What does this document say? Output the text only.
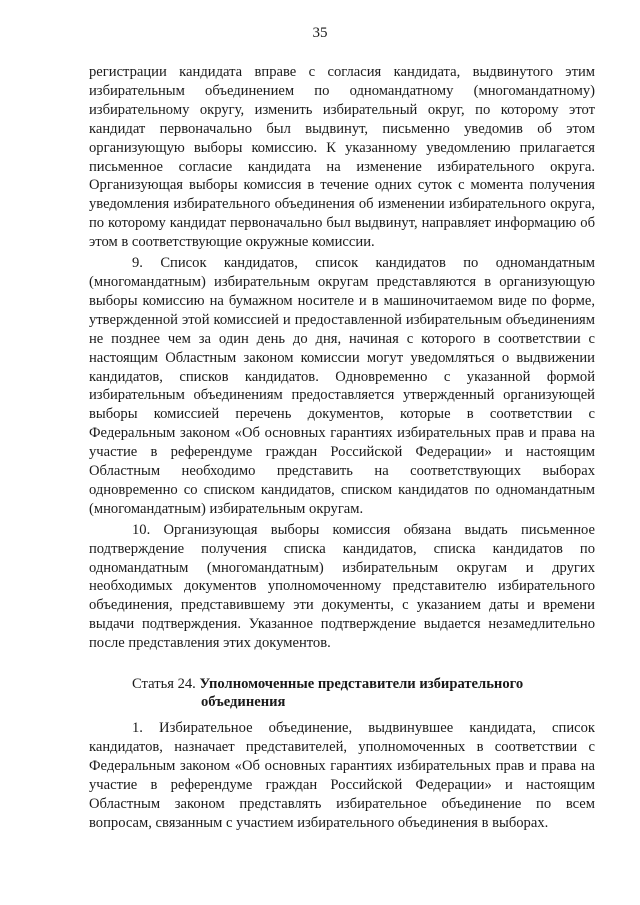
35

регистрации кандидата вправе с согласия кандидата, выдвинутого этим избирательным объединением по одномандатному (многомандатному) избирательному округу, изменить избирательный округ, по которому этот кандидат первоначально был выдвинут, письменно уведомив об этом организующую выборы комиссию. К указанному уведомлению прилагается письменное согласие кандидата на изменение избирательного округа. Организующая выборы комиссия в течение одних суток с момента получения уведомления избирательного объединения об изменении избирательного округа, по которому кандидат первоначально был выдвинут, направляет информацию об этом в соответствующие окружные комиссии.

9. Список кандидатов, список кандидатов по одномандатным (многомандатным) избирательным округам представляются в организующую выборы комиссию на бумажном носителе и в машиночитаемом виде по форме, утвержденной этой комиссией и предоставленной избирательным объединениям не позднее чем за один день до дня, начиная с которого в соответствии с настоящим Областным законом комиссии могут уведомляться о выдвижении кандидатов, списков кандидатов. Одновременно с указанной формой избирательным объединениям предоставляется утвержденный организующей выборы комиссией перечень документов, которые в соответствии с Федеральным законом «Об основных гарантиях избирательных прав и права на участие в референдуме граждан Российской Федерации» и настоящим Областным необходимо представить на соответствующих выборах одновременно со списком кандидатов, списком кандидатов по одномандатным (многомандатным) избирательным округам.

10. Организующая выборы комиссия обязана выдать письменное подтверждение получения списка кандидатов, списка кандидатов по одномандатным (многомандатным) избирательным округам и других необходимых документов уполномоченному представителю избирательного объединения, представившему эти документы, с указанием даты и времени выдачи подтверждения. Указанное подтверждение выдается незамедлительно после представления этих документов.

Статья 24. Уполномоченные представители избирательного
объединения

1. Избирательное объединение, выдвинувшее кандидата, список кандидатов, назначает представителей, уполномоченных в соответствии с Федеральным законом «Об основных гарантиях избирательных прав и права на участие в референдуме граждан Российской Федерации» и настоящим Областным законом представлять избирательное объединение по всем вопросам, связанным с участием избирательного объединения в выборах.
